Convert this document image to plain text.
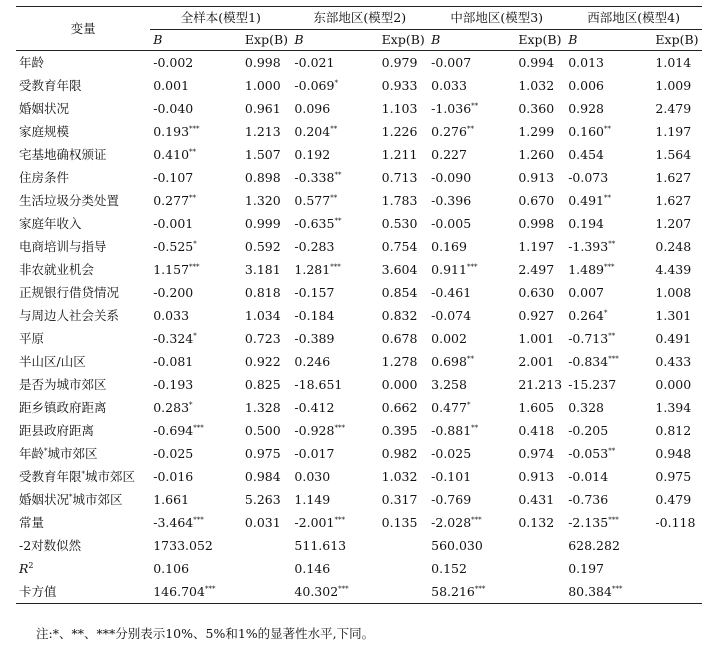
变量	全样本(模型1)		东部地区(模型2)		中部地区(模型3)		西部地区(模型4)	
	B	Exp(B)	B	Exp(B)	B	Exp(B)	B	Exp(B)
年龄	-0.002	0.998	-0.021	0.979	-0.007	0.994	0.013	1.014
受教育年限	0.001	1.000	-0.069*	0.933	0.033	1.032	0.006	1.009
婚姻状况	-0.040	0.961	0.096	1.103	-1.036**	0.360	0.928	2.479
家庭规模	0.193***	1.213	0.204**	1.226	0.276**	1.299	0.160**	1.197
宅基地确权颁证	0.410**	1.507	0.192	1.211	0.227	1.260	0.454	1.564
住房条件	-0.107	0.898	-0.338**	0.713	-0.090	0.913	-0.073	1.627
生活垃圾分类处置	0.277**	1.320	0.577**	1.783	-0.396	0.670	0.491**	1.627
家庭年收入	-0.001	0.999	-0.635**	0.530	-0.005	0.998	0.194	1.207
电商培训与指导	-0.525*	0.592	-0.283	0.754	0.169	1.197	-1.393**	0.248
非农就业机会	1.157***	3.181	1.281***	3.604	0.911***	2.497	1.489***	4.439
正规银行借贷情况	-0.200	0.818	-0.157	0.854	-0.461	0.630	0.007	1.008
与周边人社会关系	0.033	1.034	-0.184	0.832	-0.074	0.927	0.264*	1.301
平原	-0.324*	0.723	-0.389	0.678	0.002	1.001	-0.713**	0.491
半山区/山区	-0.081	0.922	0.246	1.278	0.698**	2.001	-0.834***	0.433
是否为城市郊区	-0.193	0.825	-18.651	0.000	3.258	21.213	-15.237	0.000
距乡镇政府距离	0.283*	1.328	-0.412	0.662	0.477*	1.605	0.328	1.394
距县政府距离	-0.694***	0.500	-0.928***	0.395	-0.881**	0.418	-0.205	0.812
年龄*城市郊区	-0.025	0.975	-0.017	0.982	-0.025	0.974	-0.053**	0.948
受教育年限*城市郊区	-0.016	0.984	0.030	1.032	-0.101	0.913	-0.014	0.975
婚姻状况*城市郊区	1.661	5.263	1.149	0.317	-0.769	0.431	-0.736	0.479
常量	-3.464***	0.031	-2.001***	0.135	-2.028***	0.132	-2.135***	-0.118
-2对数似然	1733.052		511.613		560.030		628.282	
$R^2$	0.106		0.146		0.152		0.197	
卡方值	146.704***		40.302***		58.216***		80.384***	
注:*、**、***分别表示10%、5%和1%的显著性水平,下同。
